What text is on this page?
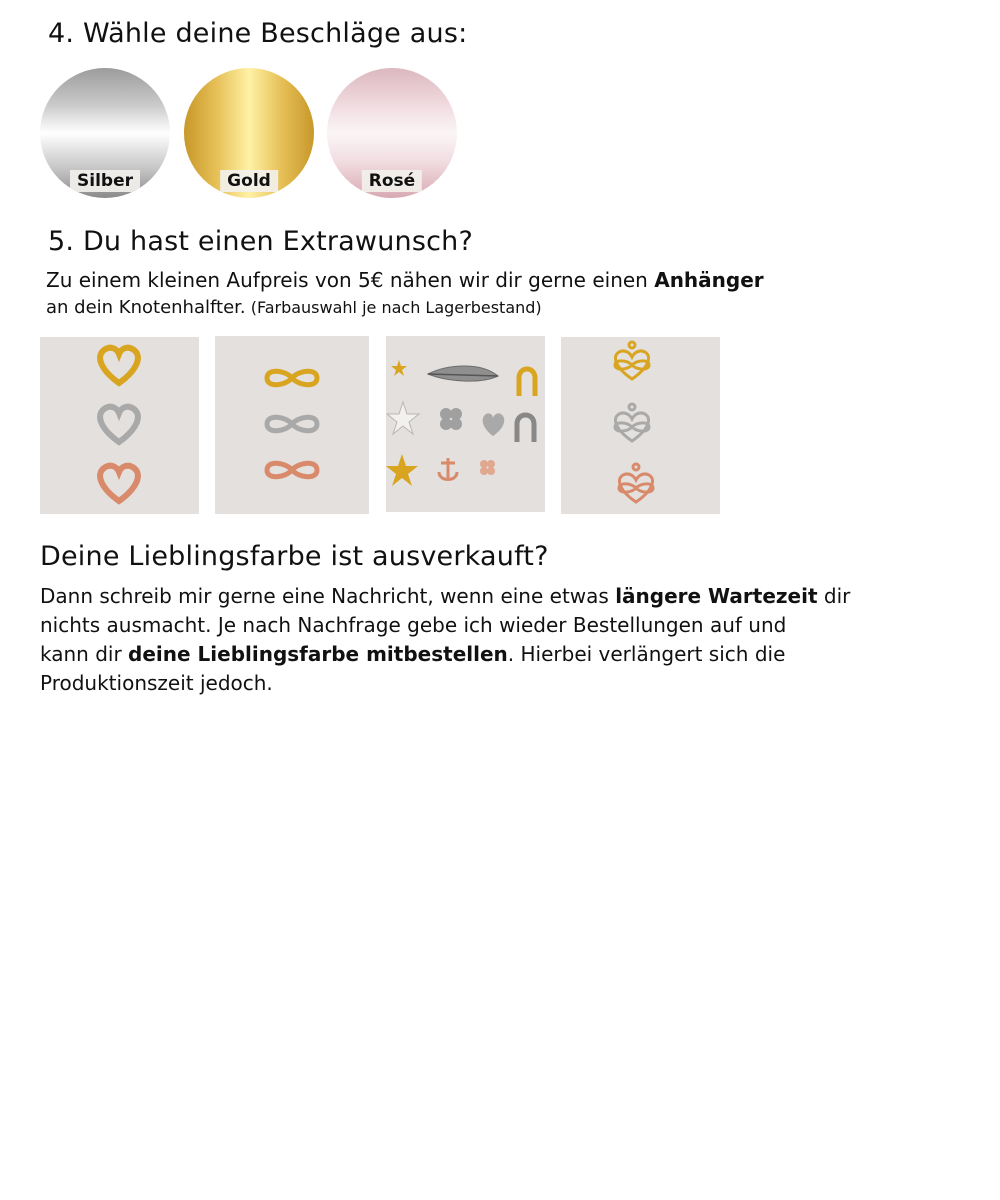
4. Wähle deine Beschläge aus:
Silber	Gold	Rosé
5. Du hast einen Extrawunsch?
Zu einem kleinen Aufpreis von 5€ nähen wir dir gerne einen Anhänger
an dein Knotenhalfter. (Farbauswahl je nach Lagerbestand)
Deine Lieblingsfarbe ist ausverkauft?
Dann schreib mir gerne eine Nachricht, wenn eine etwas längere Wartezeit dir
nichts ausmacht. Je nach Nachfrage gebe ich wieder Bestellungen auf und
kann dir deine Lieblingsfarbe mitbestellen. Hierbei verlängert sich die
Produktionszeit jedoch.
